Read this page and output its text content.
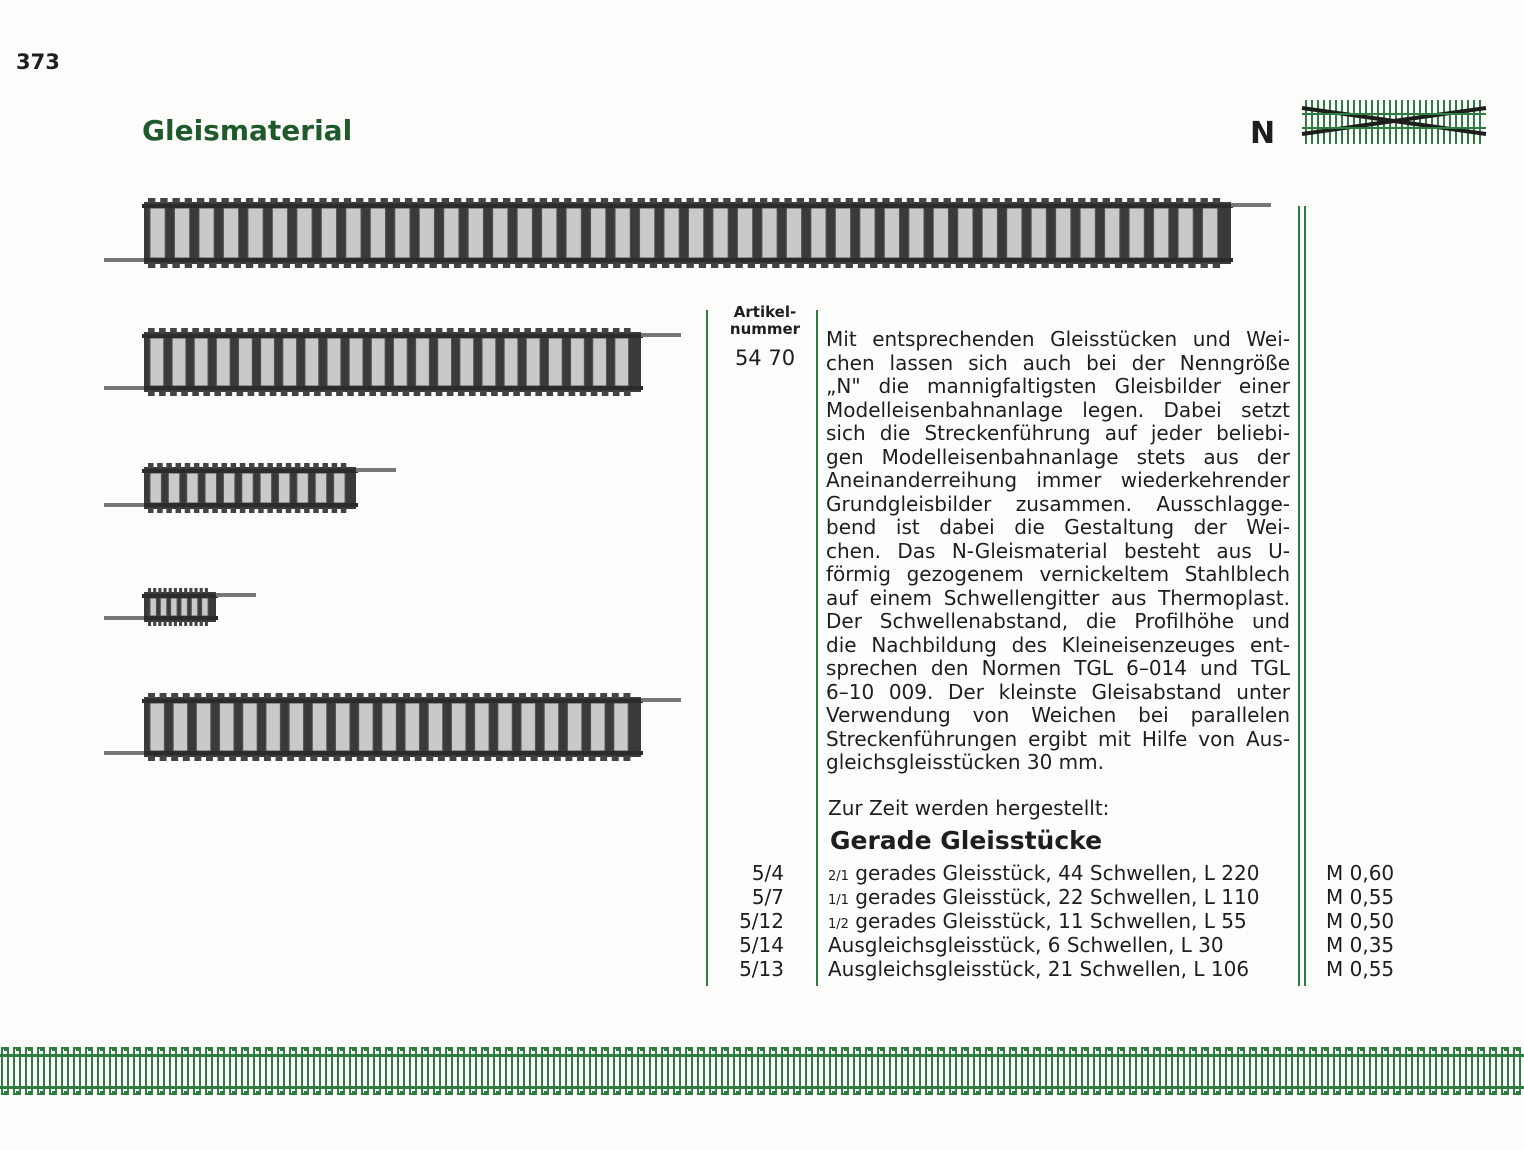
373
Gleismaterial	N
Artikel-
nummer
54 70
Mit entsprechenden Gleisstücken und Wei-
chen lassen sich auch bei der Nenngröße
„N" die mannigfaltigsten Gleisbilder einer
Modelleisenbahnanlage legen. Dabei setzt
sich die Streckenführung auf jeder beliebi-
gen Modelleisenbahnanlage stets aus der
Aneinanderreihung immer wiederkehrender
Grundgleisbilder zusammen. Ausschlagge-
bend ist dabei die Gestaltung der Wei-
chen. Das N-Gleismaterial besteht aus U-
förmig gezogenem vernickeltem Stahlblech
auf einem Schwellengitter aus Thermoplast.
Der Schwellenabstand, die Profilhöhe und
die Nachbildung des Kleineisenzeuges ent-
sprechen den Normen TGL 6–014 und TGL
6–10 009. Der kleinste Gleisabstand unter
Verwendung von Weichen bei parallelen
Streckenführungen ergibt mit Hilfe von Aus-
gleichsgleisstücken 30 mm.
Zur Zeit werden hergestellt:
Gerade Gleisstücke
5/4	2/1 gerades Gleisstück, 44 Schwellen, L 220	M 0,60
5/7	1/1 gerades Gleisstück, 22 Schwellen, L 110	M 0,55
5/12	1/2 gerades Gleisstück, 11 Schwellen, L 55	M 0,50
5/14 Ausgleichsgleisstück, 6 Schwellen, L 30	M 0,35
5/13 Ausgleichsgleisstück, 21 Schwellen, L 106	M 0,55
